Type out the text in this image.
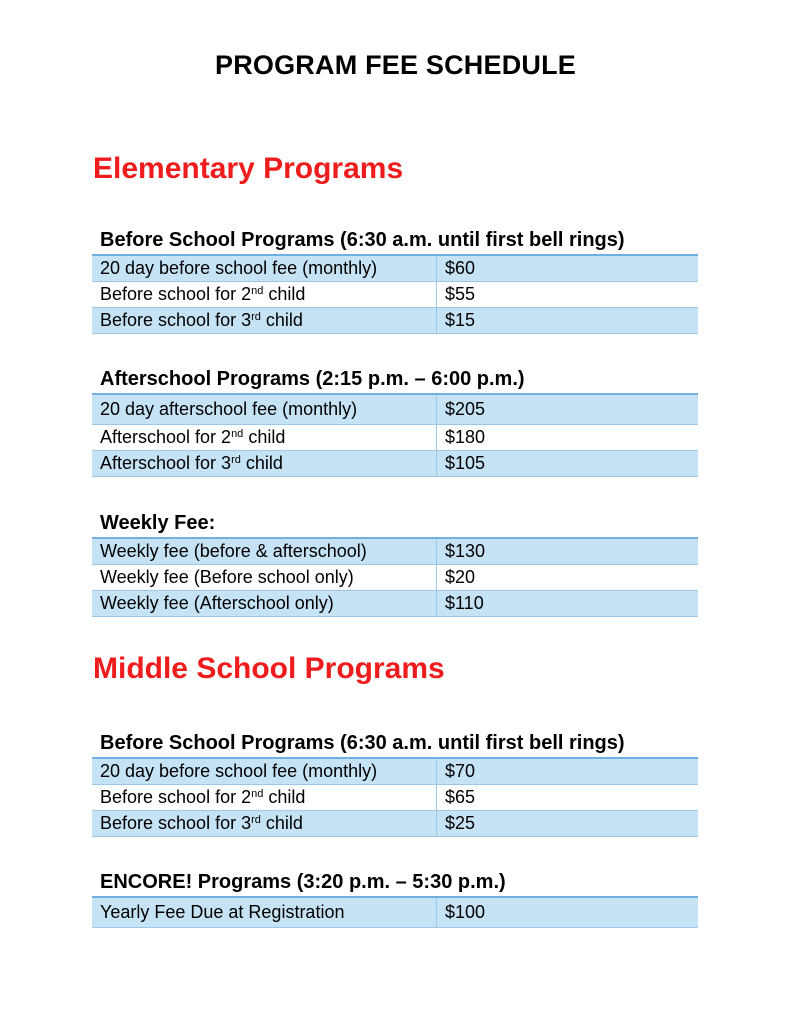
PROGRAM FEE SCHEDULE
Elementary Programs
Before School Programs (6:30 a.m. until first bell rings)
20 day before school fee (monthly)	$60
Before school for 2nd child	$55
Before school for 3rd child	$15
Afterschool Programs (2:15 p.m. – 6:00 p.m.)
20 day afterschool fee (monthly)	$205
Afterschool for 2nd child	$180
Afterschool for 3rd child	$105
Weekly Fee:
Weekly fee (before & afterschool)	$130
Weekly fee (Before school only)	$20
Weekly fee (Afterschool only)	$110
Middle School Programs
Before School Programs (6:30 a.m. until first bell rings)
20 day before school fee (monthly)	$70
Before school for 2nd child	$65
Before school for 3rd child	$25
ENCORE! Programs (3:20 p.m. – 5:30 p.m.)
Yearly Fee Due at Registration	$100
